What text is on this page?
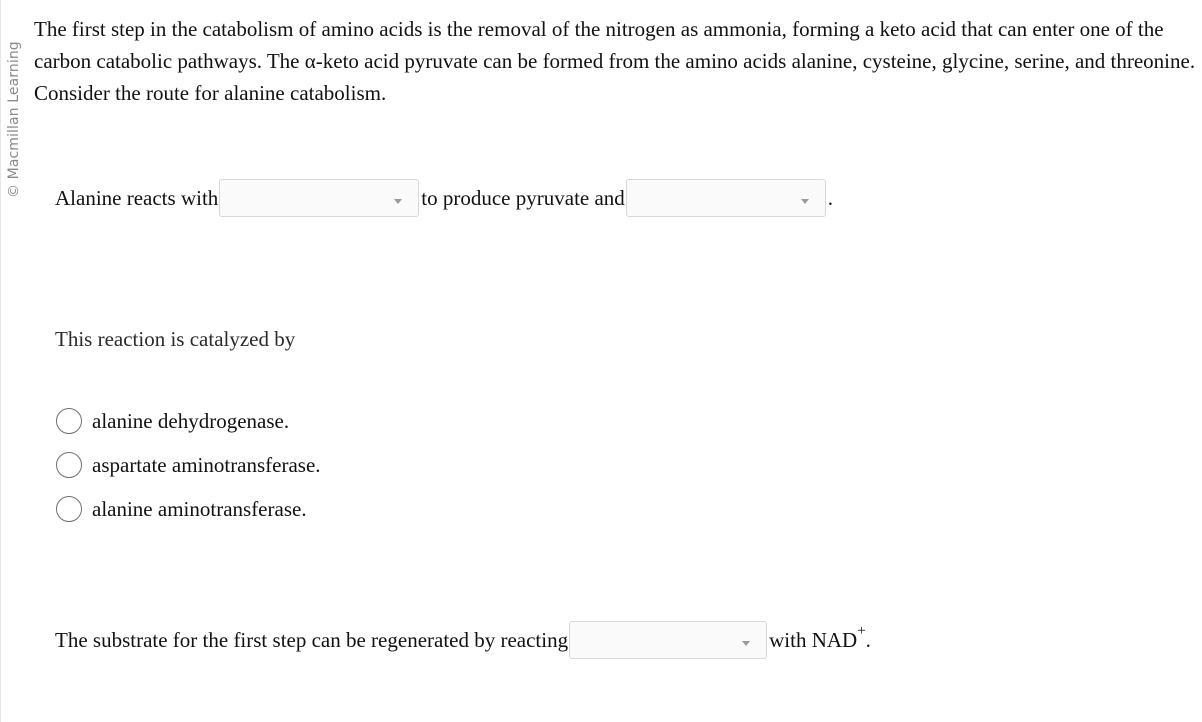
© Macmillan Learning

The first step in the catabolism of amino acids is the removal of the nitrogen as ammonia, forming a keto acid that can enter one of the carbon catabolic pathways. The α-keto acid pyruvate can be formed from the amino acids alanine, cysteine, glycine, serine, and threonine. Consider the route for alanine catabolism.

Alanine reacts with	to produce pyruvate and	.

This reaction is catalyzed by

alanine dehydrogenase.
aspartate aminotransferase.
alanine aminotransferase.
The substrate for the first step can be regenerated by reacting	with NAD+.
